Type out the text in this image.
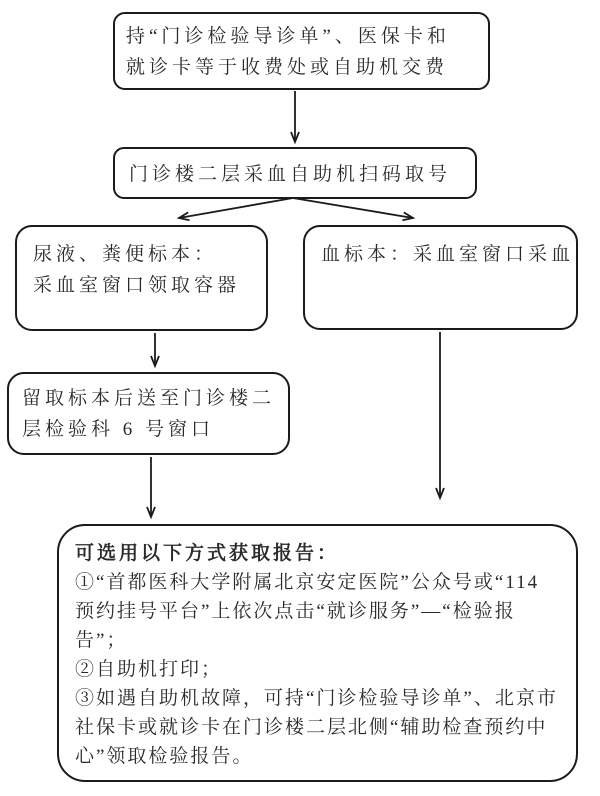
持“门诊检验导诊单”、医保卡和
就诊卡等于收费处或自助机交费
门诊楼二层采血自助机扫码取号
尿液、粪便标本：
采血室窗口领取容器
血标本：采血室窗口采血
留取标本后送至门诊楼二
层检验科 6 号窗口
可选用以下方式获取报告：
①“首都医科大学附属北京安定医院”公众号或“114预约挂号平台”上依次点击“就诊服务”—“检验报告”；
②自助机打印；
③如遇自助机故障，可持“门诊检验导诊单”、北京市社保卡或就诊卡在门诊楼二层北侧“辅助检查预约中心”领取检验报告。
